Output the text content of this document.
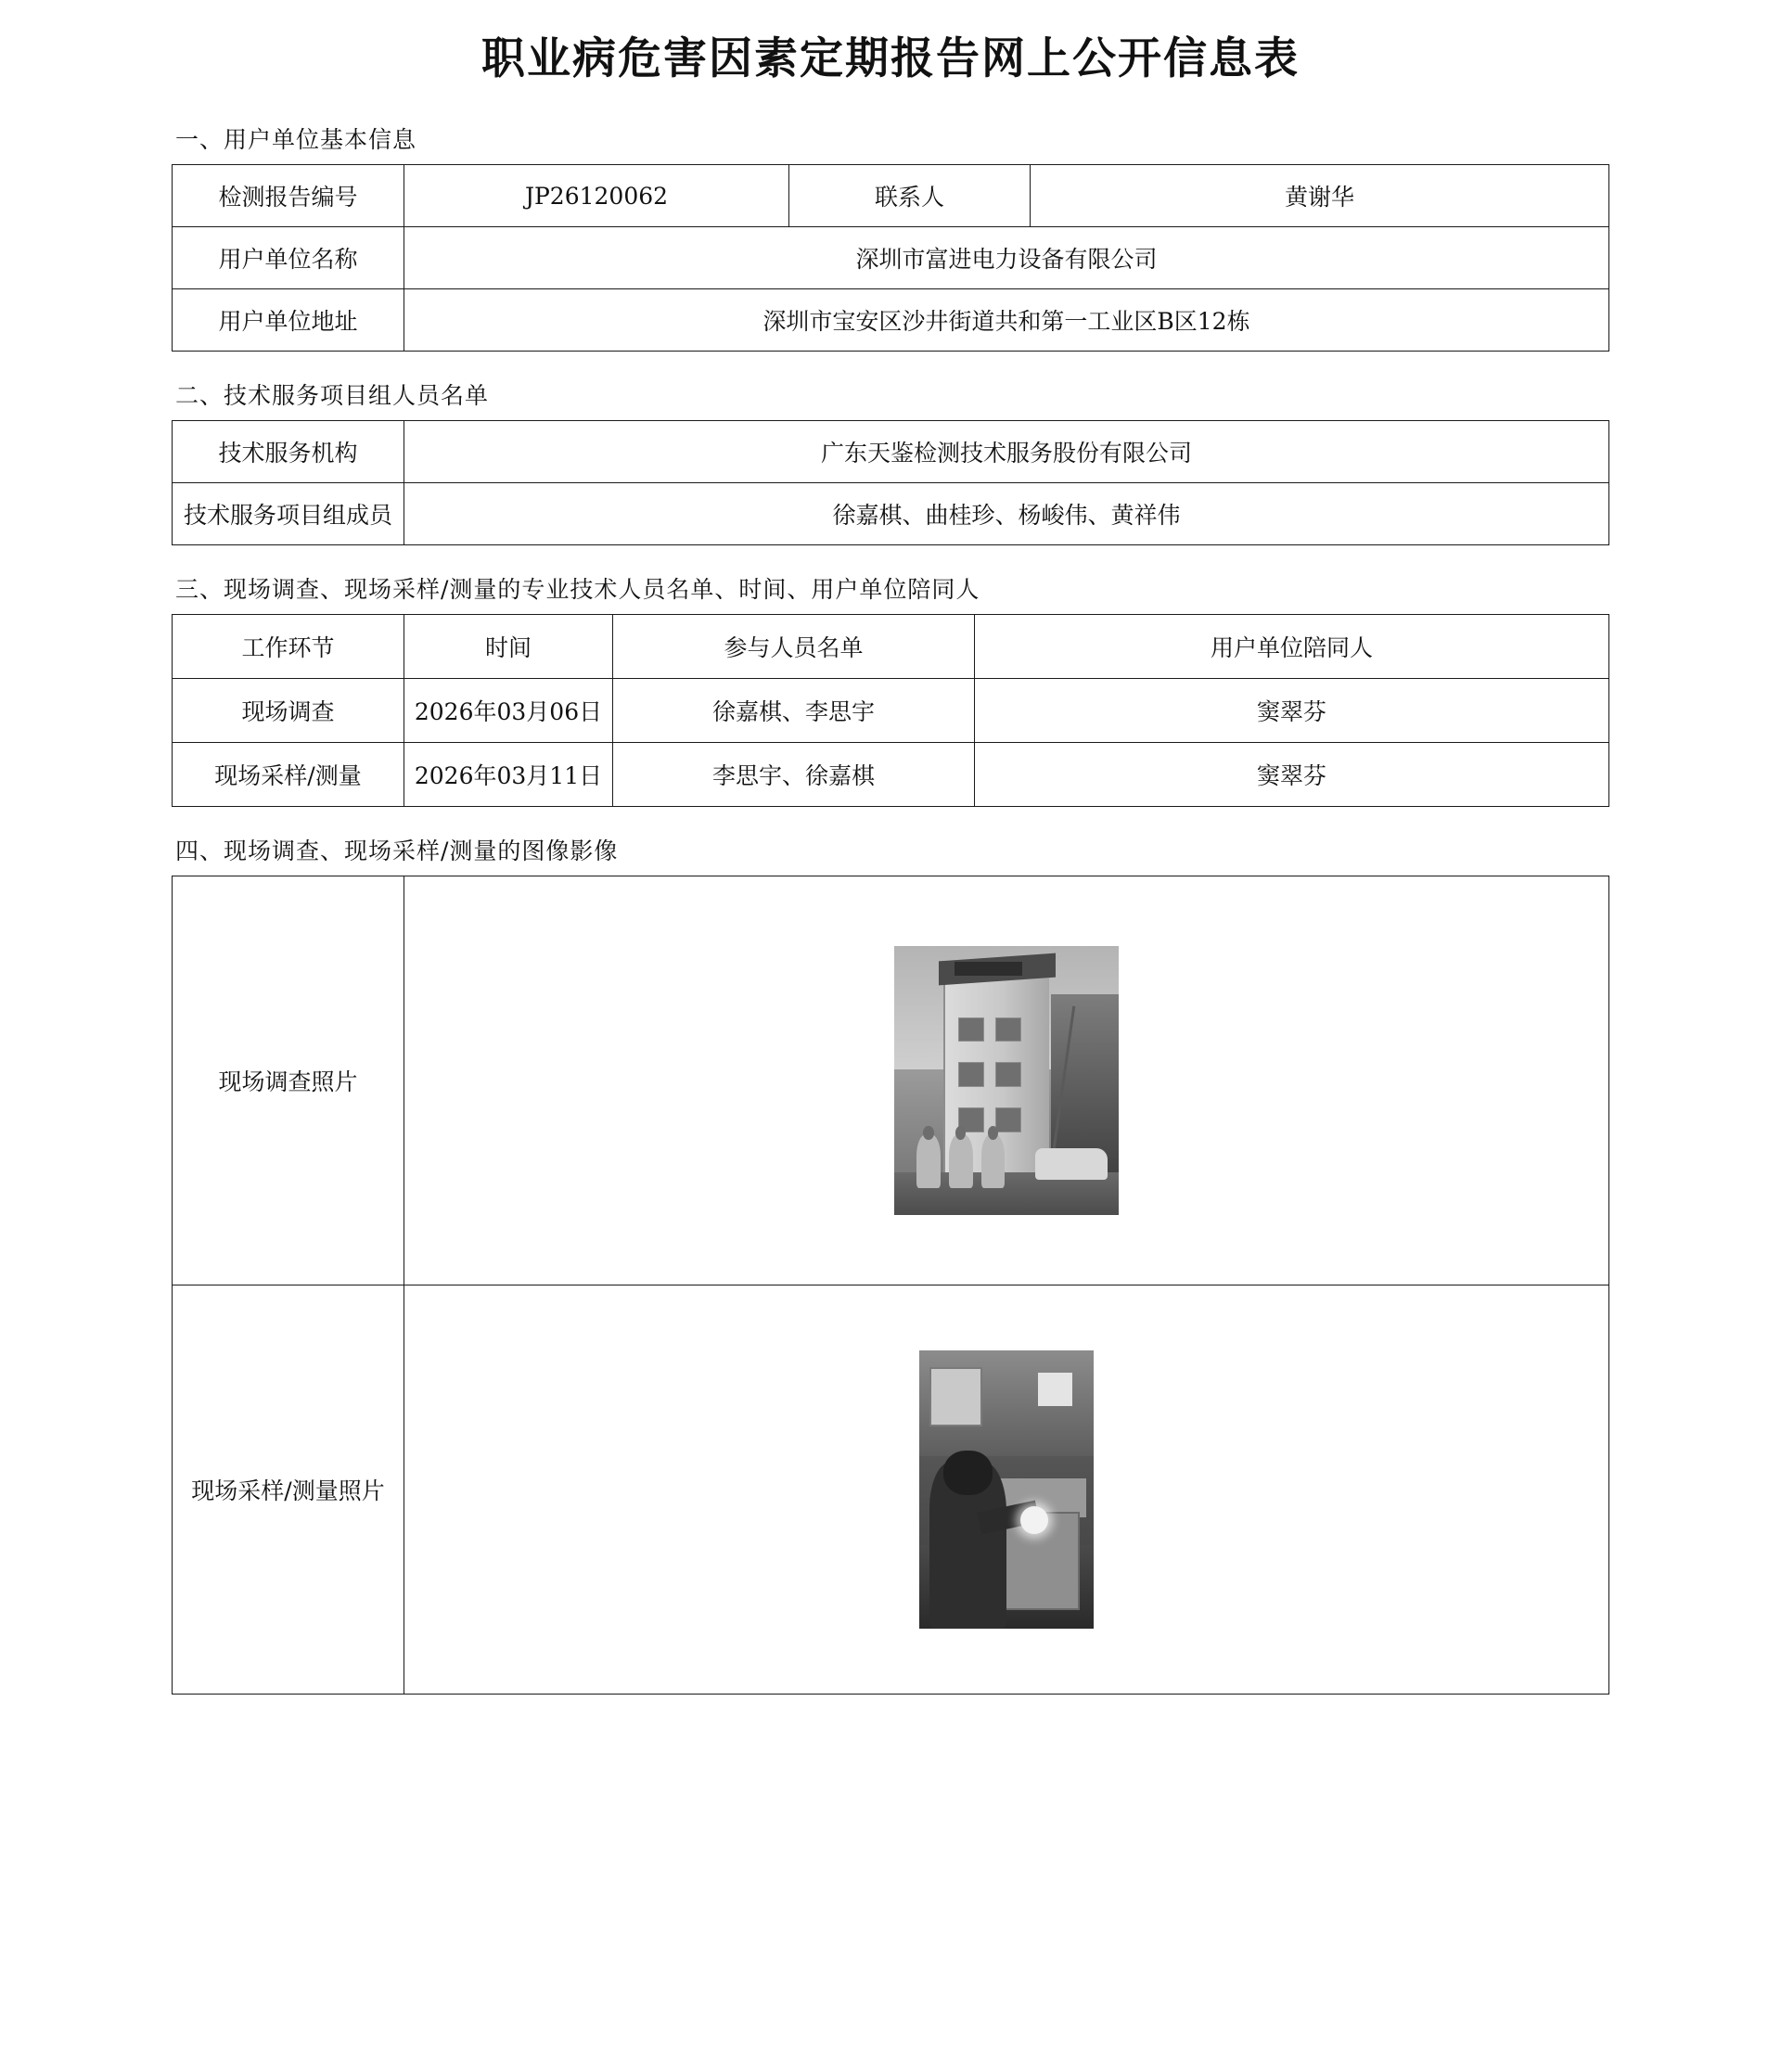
职业病危害因素定期报告网上公开信息表
一、用户单位基本信息
检测报告编号	JP26120062	联系人	黄谢华
用户单位名称	深圳市富进电力设备有限公司		
用户单位地址	深圳市宝安区沙井街道共和第一工业区B区12栋		
二、技术服务项目组人员名单
技术服务机构	广东天鉴检测技术服务股份有限公司
技术服务项目组成员	徐嘉棋、曲桂珍、杨峻伟、黄祥伟
三、现场调查、现场采样/测量的专业技术人员名单、时间、用户单位陪同人
工作环节	时间	参与人员名单	用户单位陪同人
现场调查	2026年03月06日	徐嘉棋、李思宇	窦翠芬
现场采样/测量	2026年03月11日	李思宇、徐嘉棋	窦翠芬
四、现场调查、现场采样/测量的图像影像
现场调查照片	

现场采样/测量照片	
